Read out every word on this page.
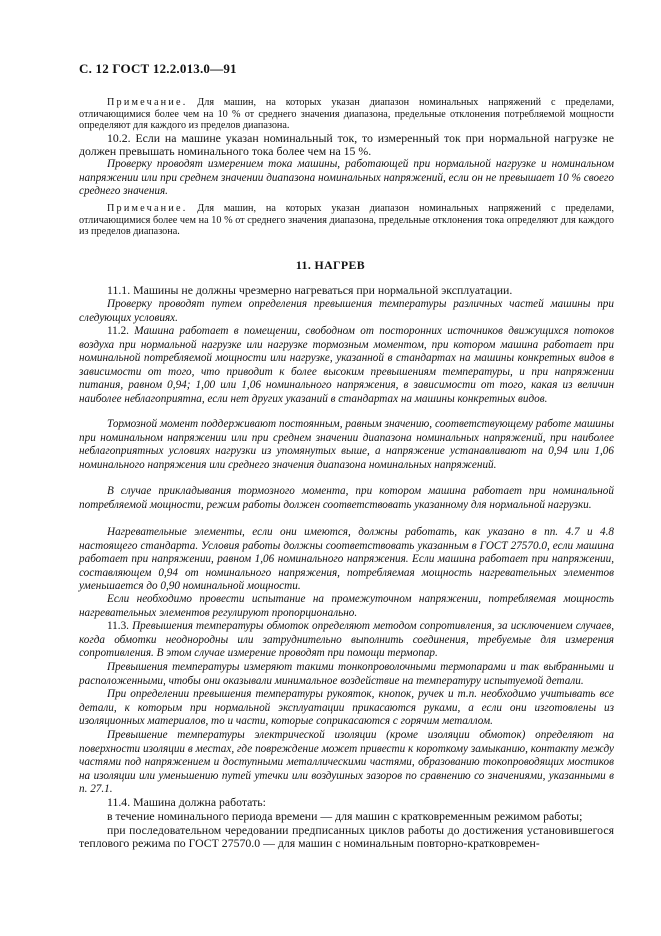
С. 12 ГОСТ 12.2.013.0—91

Примечание. Для машин, на которых указан диапазон номинальных напряжений с пределами, отличающимися более чем на 10 % от среднего значения диапазона, предельные отклонения потребляемой мощности определяют для каждого из пределов диапазона.

10.2. Если на машине указан номинальный ток, то измеренный ток при нормальной нагрузке не должен превышать номинального тока более чем на 15 %.

Проверку проводят измерением тока машины, работающей при нормальной нагрузке и номинальном напряжении или при среднем значении диапазона номинальных напряжений, если он не превышает 10 % своего среднего значения.

Примечание. Для машин, на которых указан диапазон номинальных напряжений с пределами, отличающимися более чем на 10 % от среднего значения диапазона, предельные отклонения тока определяют для каждого из пределов диапазона.

11. НАГРЕВ

11.1. Машины не должны чрезмерно нагреваться при нормальной эксплуатации.

Проверку проводят путем определения превышения температуры различных частей машины при следующих условиях.

11.2. Машина работает в помещении, свободном от посторонних источников движущихся потоков воздуха при нормальной нагрузке или нагрузке тормозным моментом, при котором машина работает при номинальной потребляемой мощности или нагрузке, указанной в стандартах на машины конкретных видов в зависимости от того, что приводит к более высоким превышениям температуры, и при напряжении питания, равном 0,94; 1,00 или 1,06 номинального напряжения, в зависимости от того, какая из величин наиболее неблагоприятна, если нет других указаний в стандартах на машины конкретных видов.

Тормозной момент поддерживают постоянным, равным значению, соответствующему работе машины при номинальном напряжении или при среднем значении диапазона номинальных напряжений, при наиболее неблагоприятных условиях нагрузки из упомянутых выше, а напряжение устанавливают на 0,94 или 1,06 номинального напряжения или среднего значения диапазона номинальных напряжений.

В случае прикладывания тормозного момента, при котором машина работает при номинальной потребляемой мощности, режим работы должен соответствовать указанному для нормальной нагрузки.

Нагревательные элементы, если они имеются, должны работать, как указано в пп. 4.7 и 4.8 настоящего стандарта. Условия работы должны соответствовать указанным в ГОСТ 27570.0, если машина работает при напряжении, равном 1,06 номинального напряжения. Если машина работает при напряжении, составляющем 0,94 от номинального напряжения, потребляемая мощность нагревательных элементов уменьшается до 0,90 номинальной мощности.

Если необходимо провести испытание на промежуточном напряжении, потребляемая мощность нагревательных элементов регулируют пропорционально.

11.3. Превышения температуры обмоток определяют методом сопротивления, за исключением случаев, когда обмотки неоднородны или затруднительно выполнить соединения, требуемые для измерения сопротивления. В этом случае измерение проводят при помощи термопар.

Превышения температуры измеряют такими тонкопроволочными термопарами и так выбранными и расположенными, чтобы они оказывали минимальное воздействие на температуру испытуемой детали.

При определении превышения температуры рукояток, кнопок, ручек и т.п. необходимо учитывать все детали, к которым при нормальной эксплуатации прикасаются руками, а если они изготовлены из изоляционных материалов, то и части, которые соприкасаются с горячим металлом.

Превышение температуры электрической изоляции (кроме изоляции обмоток) определяют на поверхности изоляции в местах, где повреждение может привести к короткому замыканию, контакту между частями под напряжением и доступными металлическими частями, образованию токопроводящих мостиков на изоляции или уменьшению путей утечки или воздушных зазоров по сравнению со значениями, указанными в п. 27.1.

11.4. Машина должна работать:

в течение номинального периода времени — для машин с кратковременным режимом работы;

при последовательном чередовании предписанных циклов работы до достижения установившегося теплового режима по ГОСТ 27570.0 — для машин с номинальным повторно-кратковремен-
